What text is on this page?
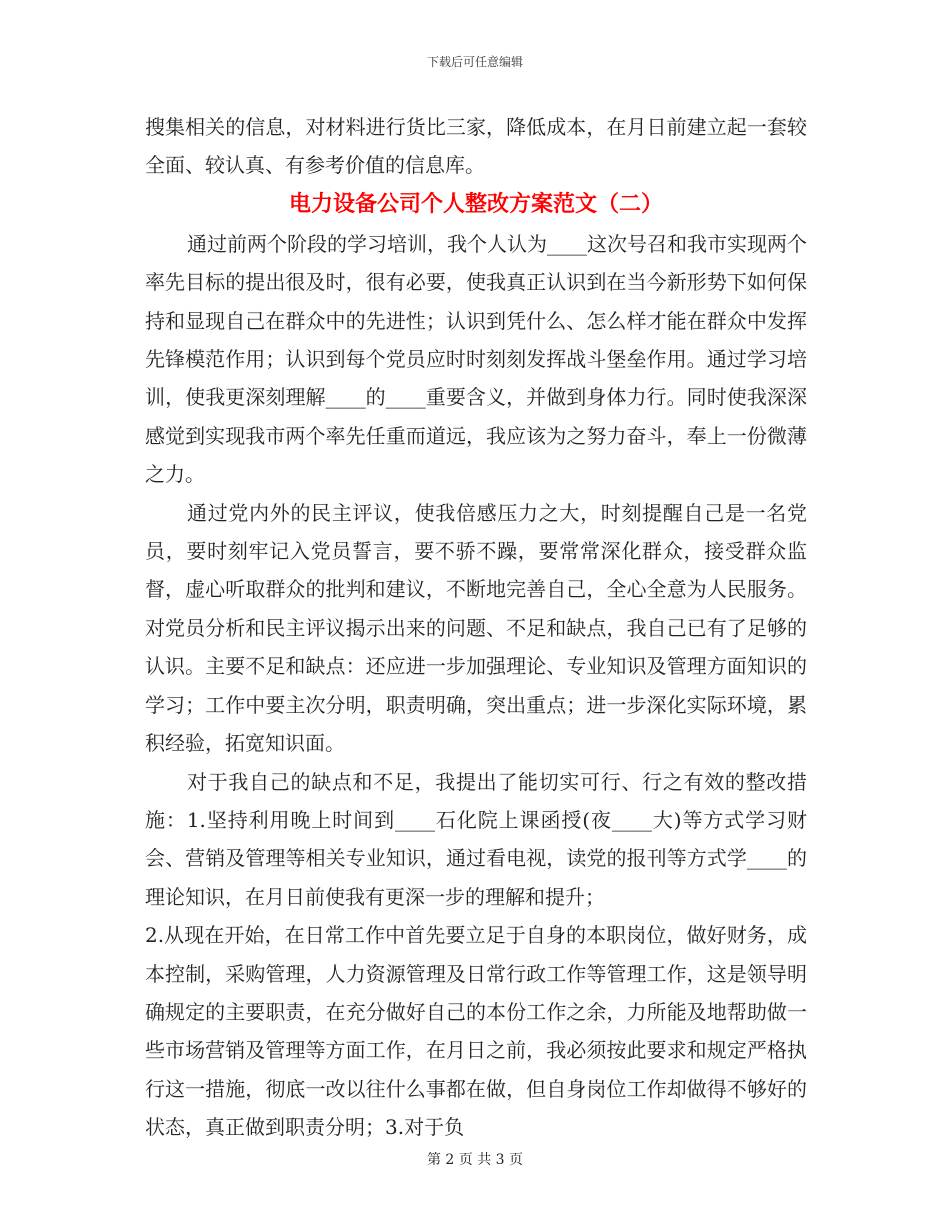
下载后可任意编辑

搜集相关的信息，对材料进行货比三家，降低成本，在月日前建立起一套较全面、较认真、有参考价值的信息库。

电力设备公司个人整改方案范文（二）

通过前两个阶段的学习培训，我个人认为____这次号召和我市实现两个率先目标的提出很及时，很有必要，使我真正认识到在当今新形势下如何保持和显现自己在群众中的先进性；认识到凭什么、怎么样才能在群众中发挥先锋模范作用；认识到每个党员应时时刻刻发挥战斗堡垒作用。通过学习培训，使我更深刻理解____的____重要含义，并做到身体力行。同时使我深深感觉到实现我市两个率先任重而道远，我应该为之努力奋斗，奉上一份微薄之力。

通过党内外的民主评议，使我倍感压力之大，时刻提醒自己是一名党员，要时刻牢记入党员誓言，要不骄不躁，要常常深化群众，接受群众监督，虚心听取群众的批判和建议，不断地完善自己，全心全意为人民服务。对党员分析和民主评议揭示出来的问题、不足和缺点，我自己已有了足够的认识。主要不足和缺点：还应进一步加强理论、专业知识及管理方面知识的学习；工作中要主次分明，职责明确，突出重点；进一步深化实际环境，累积经验，拓宽知识面。

对于我自己的缺点和不足，我提出了能切实可行、行之有效的整改措施：1.坚持利用晚上时间到____石化院上课函授(夜____大)等方式学习财会、营销及管理等相关专业知识，通过看电视，读党的报刊等方式学____的理论知识，在月日前使我有更深一步的理解和提升；

2.从现在开始，在日常工作中首先要立足于自身的本职岗位，做好财务，成本控制，采购管理，人力资源管理及日常行政工作等管理工作，这是领导明确规定的主要职责，在充分做好自己的本份工作之余，力所能及地帮助做一些市场营销及管理等方面工作，在月日之前，我必须按此要求和规定严格执行这一措施，彻底一改以往什么事都在做，但自身岗位工作却做得不够好的状态，真正做到职责分明；3.对于负

第 2 页 共 3 页
